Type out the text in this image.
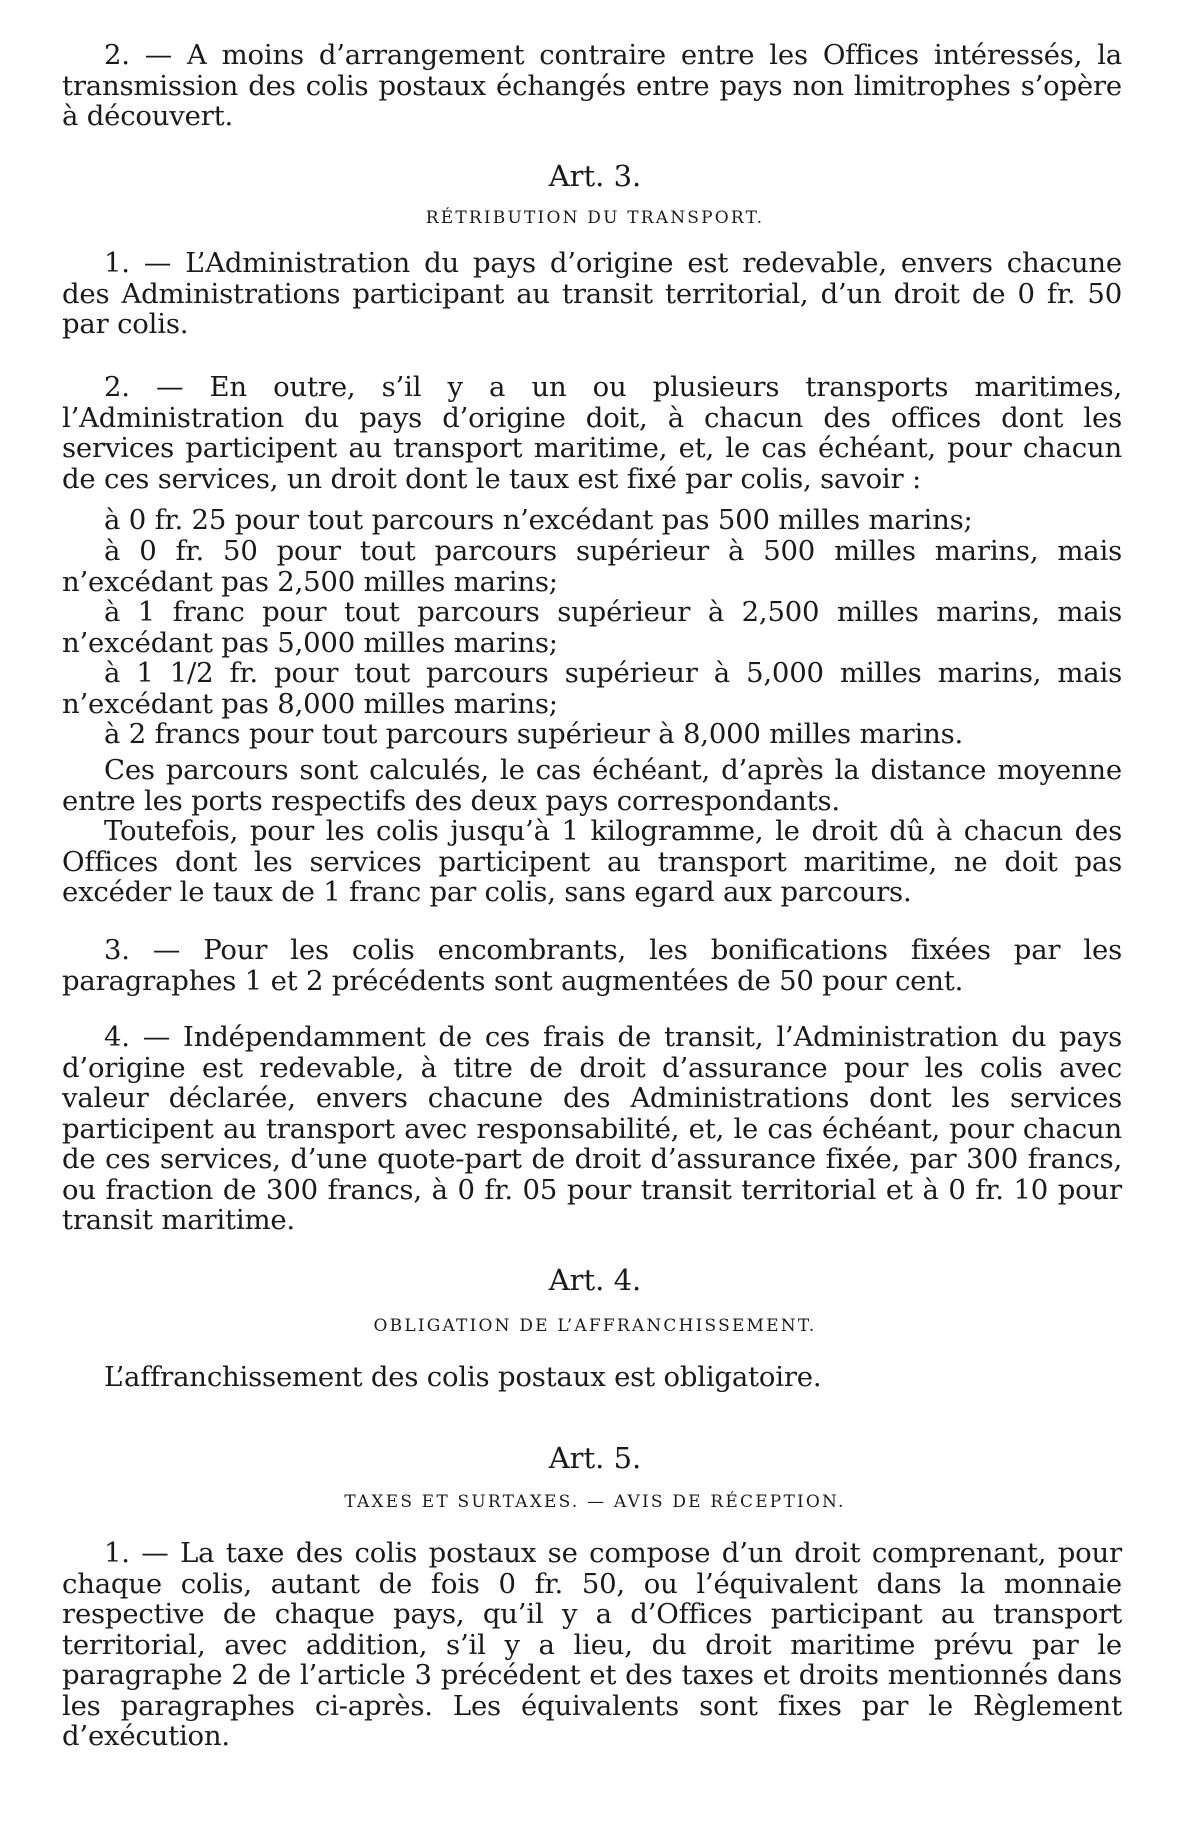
2. — A moins d’arrangement contraire entre les Offices intéressés, la transmission des colis postaux échangés entre pays non limitrophes s’opère à découvert.

Art. 3.
RÉTRIBUTION DU TRANSPORT.

1. — L’Administration du pays d’origine est redevable, envers chacune des Administrations participant au transit territorial, d’un droit de 0 fr. 50 par colis.

2. — En outre, s’il y a un ou plusieurs transports maritimes, l’Administration du pays d’origine doit, à chacun des offices dont les services participent au transport maritime, et, le cas échéant, pour chacun de ces services, un droit dont le taux est fixé par colis, savoir :

à 0 fr. 25 pour tout parcours n’excédant pas 500 milles marins;

à 0 fr. 50 pour tout parcours supérieur à 500 milles marins, mais n’excédant pas 2,500 milles marins;

à 1 franc pour tout parcours supérieur à 2,500 milles marins, mais n’excédant pas 5,000 milles marins;

à 1 1/2 fr. pour tout parcours supérieur à 5,000 milles marins, mais n’excédant pas 8,000 milles marins;

à 2 francs pour tout parcours supérieur à 8,000 milles marins.

Ces parcours sont calculés, le cas échéant, d’après la distance moyenne entre les ports respectifs des deux pays correspondants.

Toutefois, pour les colis jusqu’à 1 kilogramme, le droit dû à chacun des Offices dont les services participent au transport maritime, ne doit pas excéder le taux de 1 franc par colis, sans egard aux parcours.

3. — Pour les colis encombrants, les bonifications fixées par les paragraphes 1 et 2 précédents sont augmentées de 50 pour cent.

4. — Indépendamment de ces frais de transit, l’Administration du pays d’origine est redevable, à titre de droit d’assurance pour les colis avec valeur déclarée, envers chacune des Administrations dont les services participent au transport avec responsabilité, et, le cas échéant, pour chacun de ces services, d’une quote-part de droit d’assurance fixée, par 300 francs, ou fraction de 300 francs, à 0 fr. 05 pour transit territorial et à 0 fr. 10 pour transit maritime.

Art. 4.
OBLIGATION DE L’AFFRANCHISSEMENT.

L’affranchissement des colis postaux est obligatoire.

Art. 5.
TAXES ET SURTAXES. — AVIS DE RÉCEPTION.

1. — La taxe des colis postaux se compose d’un droit comprenant, pour chaque colis, autant de fois 0 fr. 50, ou l’équivalent dans la monnaie respective de chaque pays, qu’il y a d’Offices participant au transport territorial, avec addition, s’il y a lieu, du droit maritime prévu par le paragraphe 2 de l’article 3 précédent et des taxes et droits mentionnés dans les paragraphes ci-après. Les équivalents sont fixes par le Règlement d’exécution.
